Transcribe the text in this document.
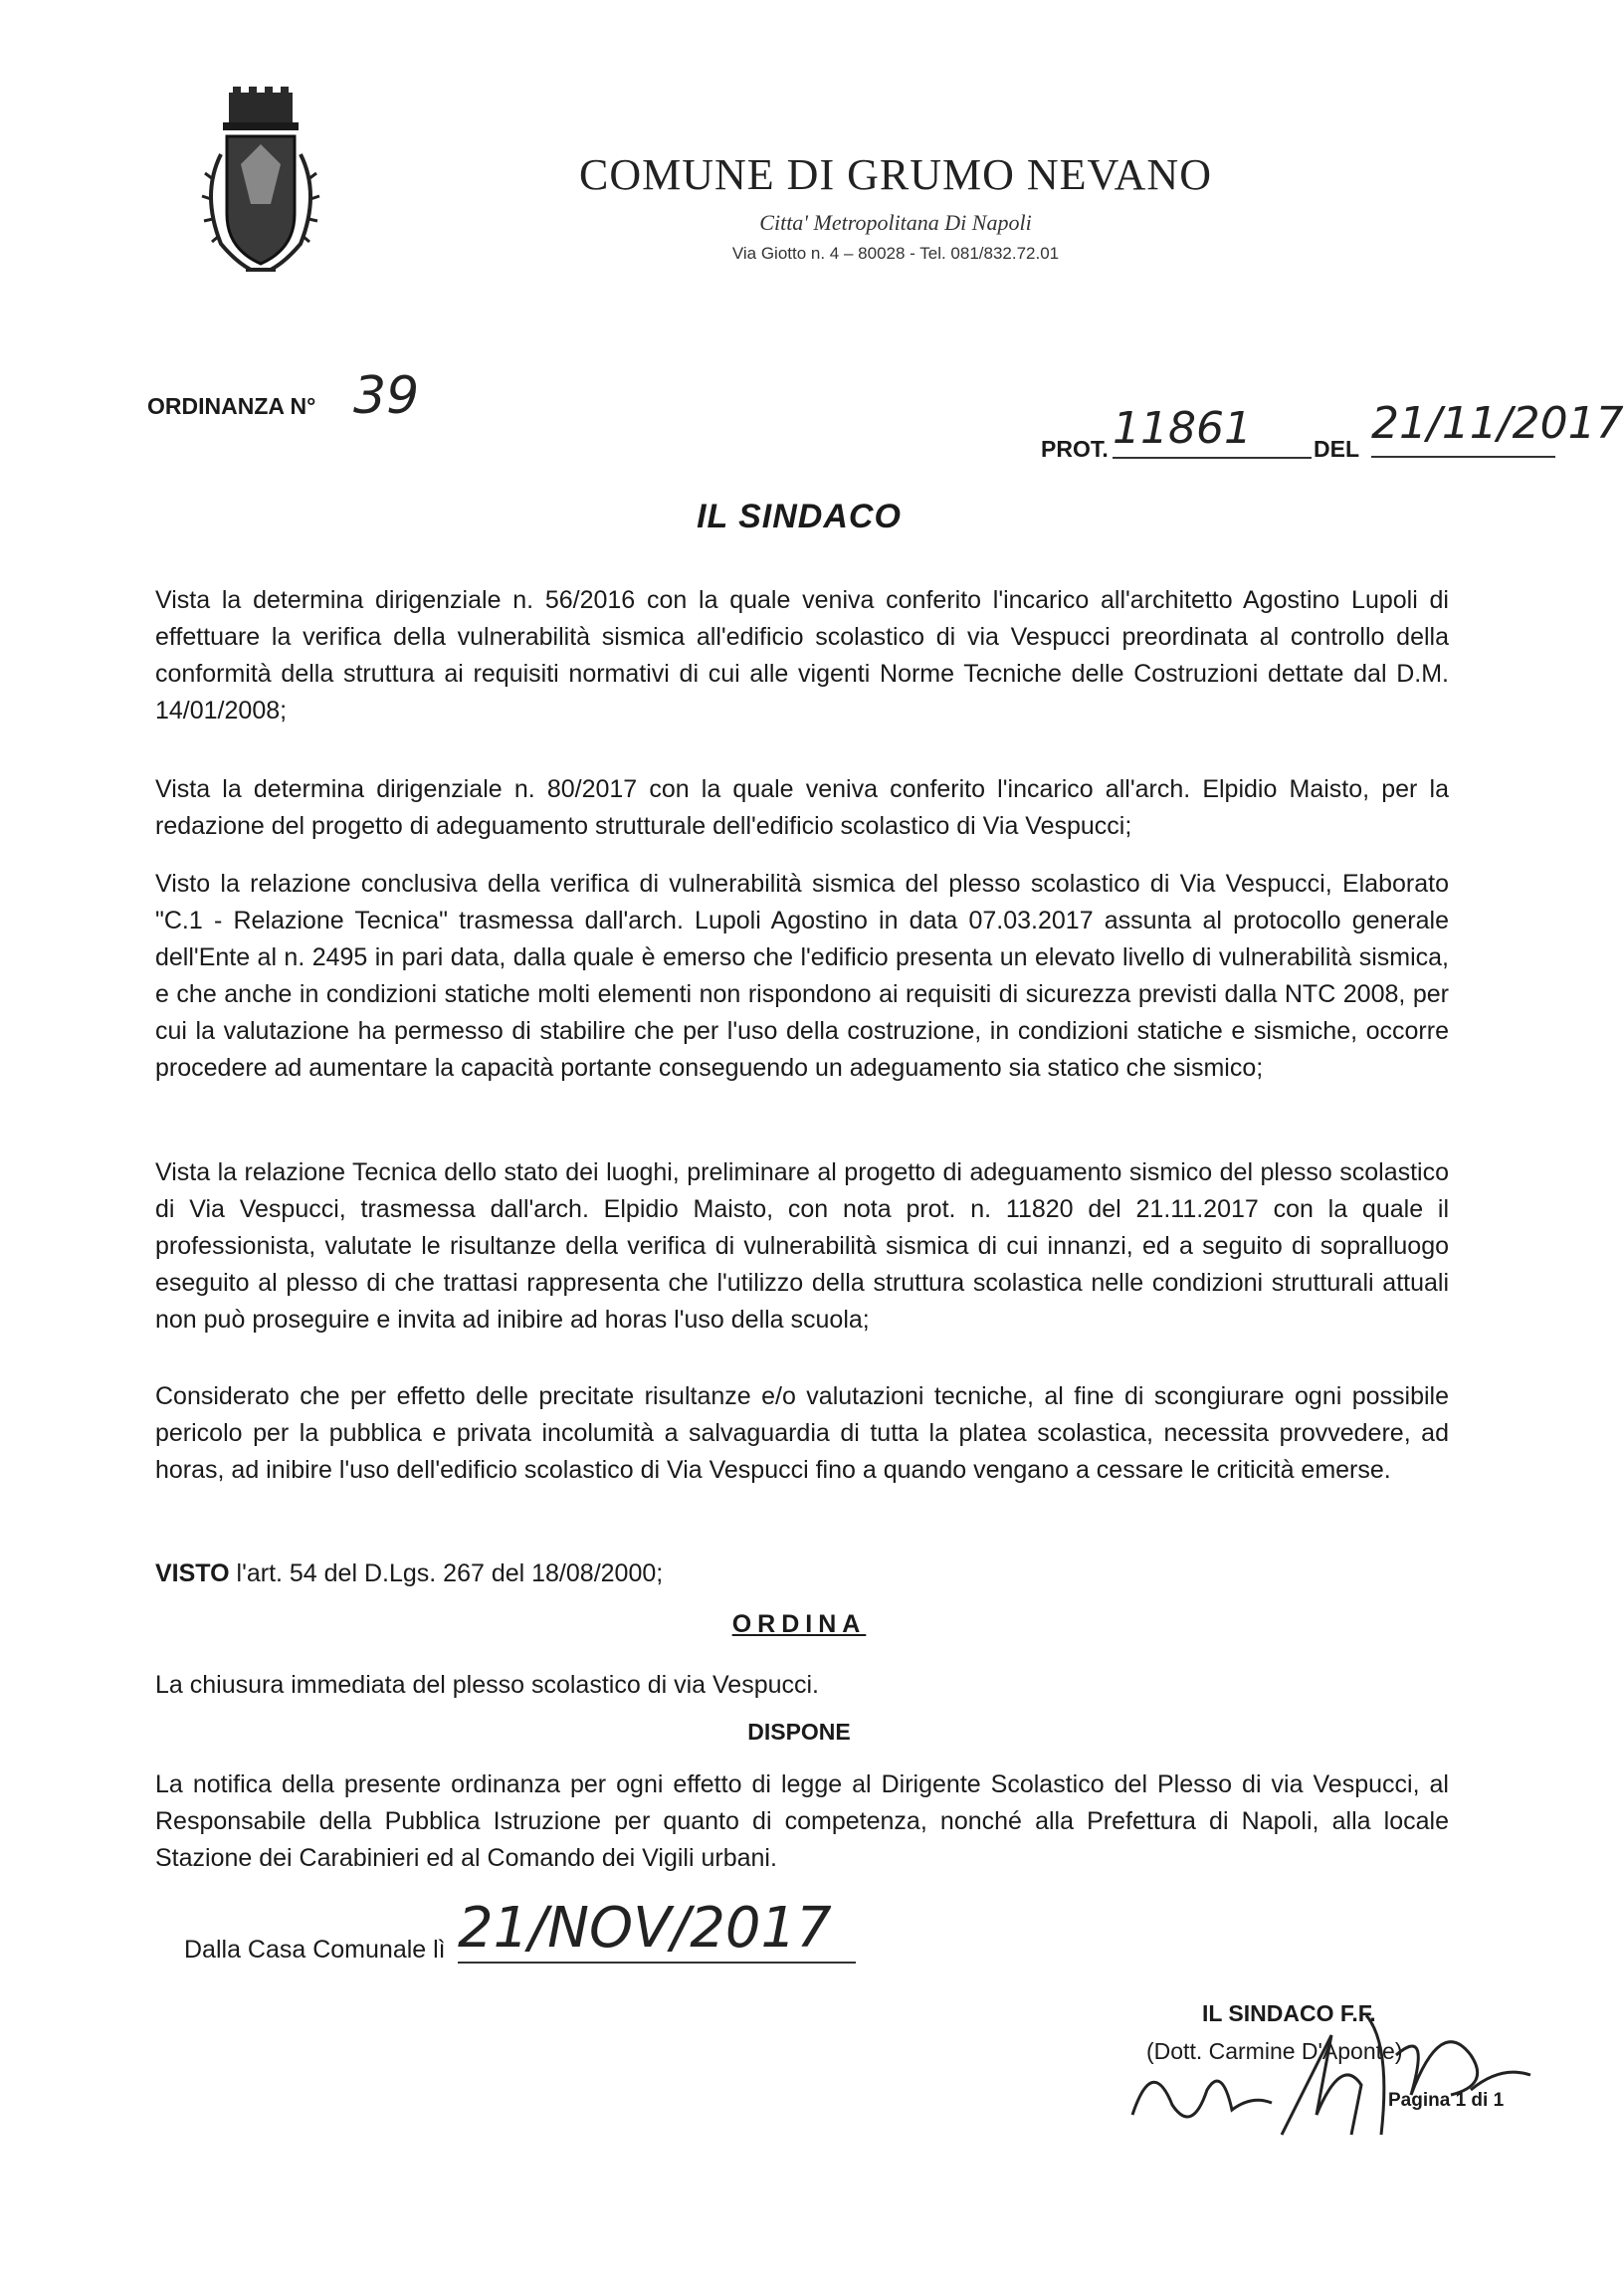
COMUNE DI GRUMO NEVANO
Citta' Metropolitana Di Napoli
Via Giotto n. 4 – 80028 - Tel. 081/832.72.01
ORDINANZA N° 39
PROT. 11861	DEL 21/11/2017
IL SINDACO
Vista la determina dirigenziale n. 56/2016 con la quale veniva conferito l'incarico all'architetto Agostino Lupoli di effettuare la verifica della vulnerabilità sismica all'edificio scolastico di via Vespucci preordinata al controllo della conformità della struttura ai requisiti normativi di cui alle vigenti Norme Tecniche delle Costruzioni dettate dal D.M. 14/01/2008;
Vista la determina dirigenziale n. 80/2017 con la quale veniva conferito l'incarico all'arch. Elpidio Maisto, per la redazione del progetto di adeguamento strutturale dell'edificio scolastico di Via Vespucci;
Visto la relazione conclusiva della verifica di vulnerabilità sismica del plesso scolastico di Via Vespucci, Elaborato "C.1 - Relazione Tecnica" trasmessa dall'arch. Lupoli Agostino in data 07.03.2017 assunta al protocollo generale dell'Ente al n. 2495 in pari data, dalla quale è emerso che l'edificio presenta un elevato livello di vulnerabilità sismica, e che anche in condizioni statiche molti elementi non rispondono ai requisiti di sicurezza previsti dalla NTC 2008, per cui la valutazione ha permesso di stabilire che per l'uso della costruzione, in condizioni statiche e sismiche, occorre procedere ad aumentare la capacità portante conseguendo un adeguamento sia statico che sismico;
Vista la relazione Tecnica dello stato dei luoghi, preliminare al progetto di adeguamento sismico del plesso scolastico di Via Vespucci, trasmessa dall'arch. Elpidio Maisto, con nota prot. n. 11820 del 21.11.2017 con la quale il professionista, valutate le risultanze della verifica di vulnerabilità sismica di cui innanzi, ed a seguito di sopralluogo eseguito al plesso di che trattasi rappresenta che l'utilizzo della struttura scolastica nelle condizioni strutturali attuali non può proseguire e invita ad inibire ad horas l'uso della scuola;
Considerato che per effetto delle precitate risultanze e/o valutazioni tecniche, al fine di scongiurare ogni possibile pericolo per la pubblica e privata incolumità a salvaguardia di tutta la platea scolastica, necessita provvedere, ad horas, ad inibire l'uso dell'edificio scolastico di Via Vespucci fino a quando vengano a cessare le criticità emerse.
VISTO l'art. 54 del D.Lgs. 267 del 18/08/2000;
ORDINA
La chiusura immediata del plesso scolastico di via Vespucci.
DISPONE
La notifica della presente ordinanza per ogni effetto di legge al Dirigente Scolastico del Plesso di via Vespucci, al Responsabile della Pubblica Istruzione per quanto di competenza, nonché alla Prefettura di Napoli, alla locale Stazione dei Carabinieri ed al Comando dei Vigili urbani.
Dalla Casa Comunale lì 21/NOV/2017
IL SINDACO F.F.
(Dott. Carmine D'Aponte)
Pagina 1 di 1
